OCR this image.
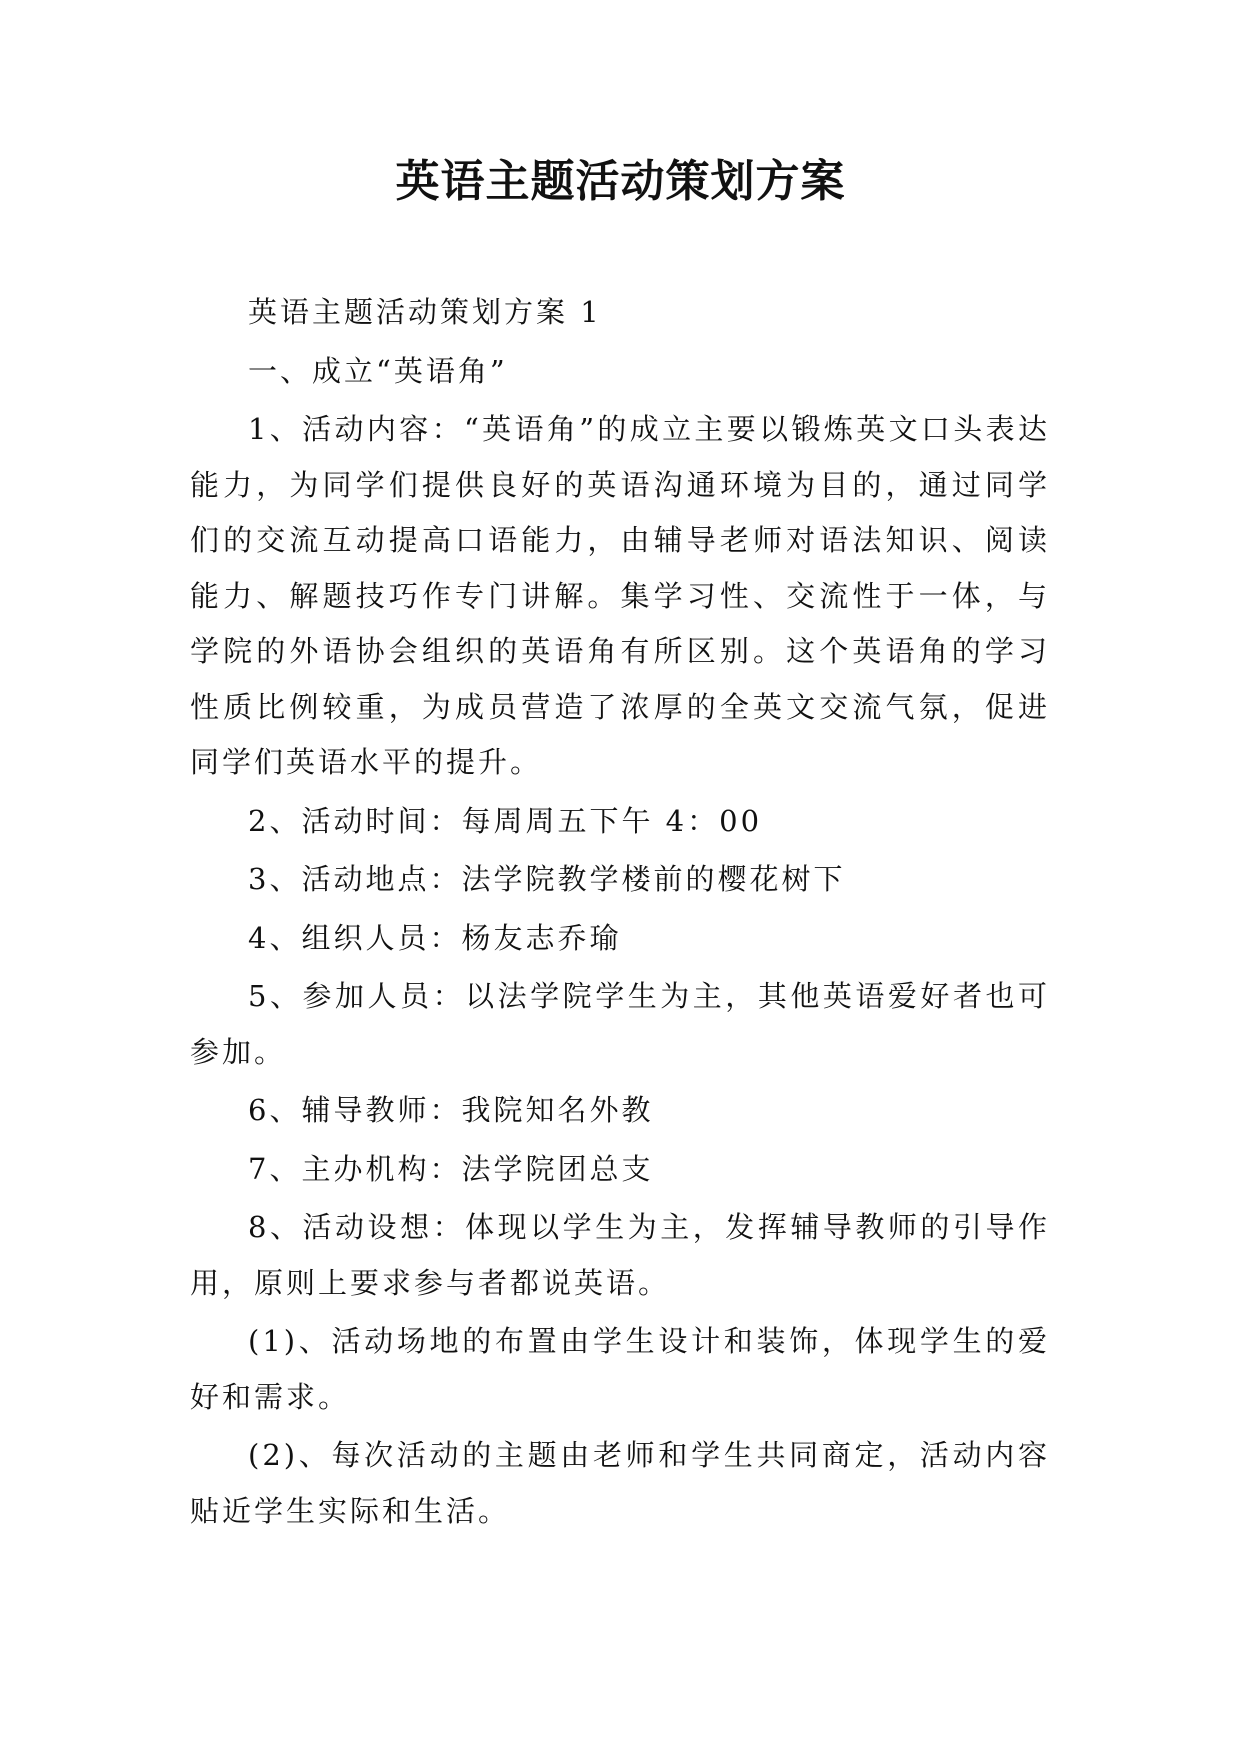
英语主题活动策划方案

英语主题活动策划方案 1

一、成立“英语角”

1、活动内容：“英语角”的成立主要以锻炼英文口头表达能力，为同学们提供良好的英语沟通环境为目的，通过同学们的交流互动提高口语能力，由辅导老师对语法知识、阅读能力、解题技巧作专门讲解。集学习性、交流性于一体，与学院的外语协会组织的英语角有所区别。这个英语角的学习性质比例较重，为成员营造了浓厚的全英文交流气氛，促进同学们英语水平的提升。

2、活动时间：每周周五下午 4：00

3、活动地点：法学院教学楼前的樱花树下

4、组织人员：杨友志乔瑜

5、参加人员：以法学院学生为主，其他英语爱好者也可参加。

6、辅导教师：我院知名外教

7、主办机构：法学院团总支

8、活动设想：体现以学生为主，发挥辅导教师的引导作用，原则上要求参与者都说英语。

(1)、活动场地的布置由学生设计和装饰，体现学生的爱好和需求。

(2)、每次活动的主题由老师和学生共同商定，活动内容贴近学生实际和生活。
